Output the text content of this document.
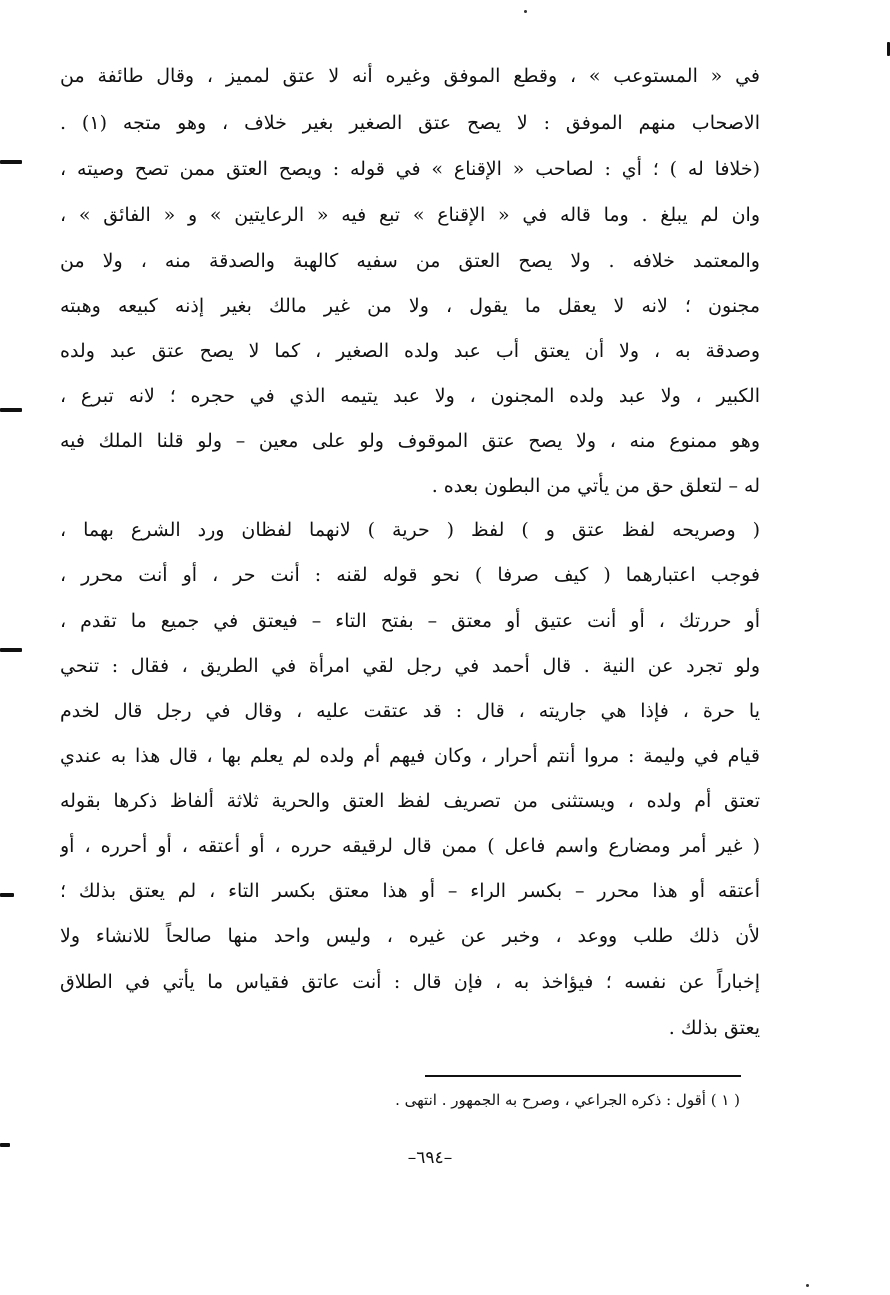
في « المستوعب » ، وقطع الموفق وغيره أنه لا عتق لمميز ، وقال طائفة من
الاصحاب منهم الموفق : لا يصح عتق الصغير بغير خلاف ، وهو متجه (١) .
(خلافا له ) ؛ أي : لصاحب « الإقناع » في قوله : ويصح العتق ممن تصح وصيته ،
وان لم يبلغ . وما قاله في « الإقناع » تبع فيه « الرعايتين » و « الفائق » ،
والمعتمد خلافه . ولا يصح العتق من سفيه كالهبة والصدقة منه ، ولا من
مجنون ؛ لانه لا يعقل ما يقول ، ولا من غير مالك بغير إذنه كبيعه وهبته
وصدقة به ، ولا أن يعتق أب عبد ولده الصغير ، كما لا يصح عتق عبد ولده
الكبير ، ولا عبد ولده المجنون ، ولا عبد يتيمه الذي في حجره ؛ لانه تبرع ،
وهو ممنوع منه ، ولا يصح عتق الموقوف ولو على معين – ولو قلنا الملك فيه
له – لتعلق حق من يأتي من البطون بعده .
( وصريحه لفظ عتق و ) لفظ ( حرية ) لانهما لفظان ورد الشرع بهما ،
فوجب اعتبارهما ( كيف صرفا ) نحو قوله لقنه : أنت حر ، أو أنت محرر ،
أو حررتك ، أو أنت عتيق أو معتق – بفتح التاء – فيعتق في جميع ما تقدم ،
ولو تجرد عن النية . قال أحمد في رجل لقي امرأة في الطريق ، فقال : تنحي
يا حرة ، فإذا هي جاريته ، قال : قد عتقت عليه ، وقال في رجل قال لخدم
قيام في وليمة : مروا أنتم أحرار ، وكان فيهم أم ولده لم يعلم بها ، قال هذا به عندي
تعتق أم ولده ، ويستثنى من تصريف لفظ العتق والحرية ثلاثة ألفاظ ذكرها بقوله
( غير أمر ومضارع واسم فاعل ) ممن قال لرقيقه حرره ، أو أعتقه ، أو أحرره ، أو
أعتقه أو هذا محرر – بكسر الراء – أو هذا معتق بكسر التاء ، لم يعتق بذلك ؛
لأن ذلك طلب ووعد ، وخبر عن غيره ، وليس واحد منها صالحاً للانشاء ولا
إخباراً عن نفسه ؛ فيؤاخذ به ، فإن قال : أنت عاتق فقياس ما يأتي في الطلاق
يعتق بذلك .
( ١ ) أقول : ذكره الجراعي ، وصرح به الجمهور . انتهى .
–٦٩٤–
